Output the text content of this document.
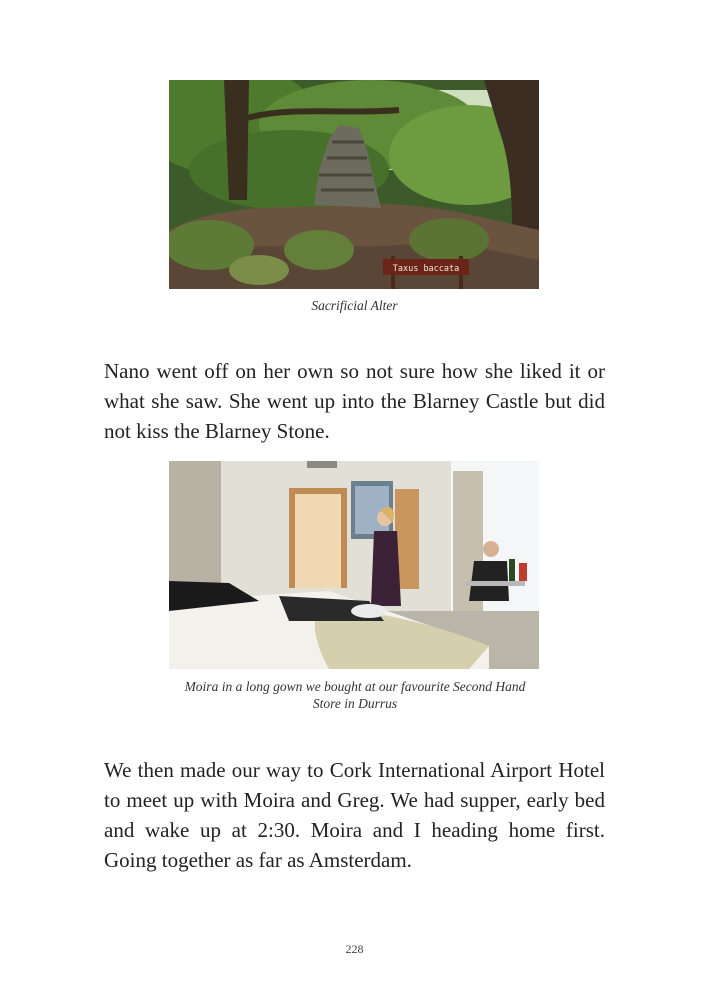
Taxus baccata
Sacrificial Alter

Nano went off on her own so not sure how she liked it or what she saw. She went up into the Blarney Castle but did not kiss the Blarney Stone.

Moira in a long gown we bought at our favourite Second Hand Store in Durrus

We then made our way to Cork International Airport Hotel to meet up with Moira and Greg. We had supper, early bed and wake up at 2:30. Moira and I heading home first. Going together as far as Amsterdam.

228
